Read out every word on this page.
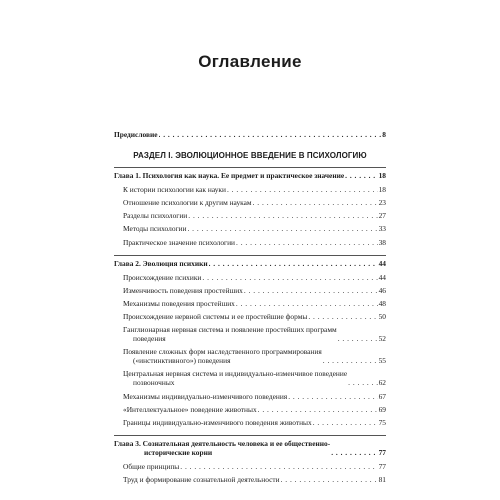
Оглавление
Предисловие . . .	8
РАЗДЕЛ I. ЭВОЛЮЦИОННОЕ ВВЕДЕНИЕ В ПСИХОЛОГИЮ
Глава 1. Психология как наука. Ее предмет и практическое значение . . .	18
К истории психологии как науки . . .	18
Отношение психологии к другим наукам . . .	23
Разделы психологии . . .	27
Методы психологии . . .	33
Практическое значение психологии . . .	38
Глава 2. Эволюция психики . . .	44
Происхождение психики . . .	44
Изменчивость поведения простейших . . .	46
Механизмы поведения простейших . . .	48
Происхождение нервной системы и ее простейшие формы . . .	50
Ганглионарная нервная система и появление простейших программ
поведения . . .	52
Появление сложных форм наследственного программирования
(«инстинктивного») поведения . . .	55
Центральная нервная система и индивидуально-изменчивое поведение
позвоночных . . .	62
Механизмы индивидуально-изменчивого поведения . . .	67
«Интеллектуальное» поведение животных . . .	69
Границы индивидуально-изменчивого поведения животных . . .	75
Глава 3. Сознательная деятельность человека и ее общественно-
исторические корни . . .	77
Общие принципы . . .	77
Труд и формирование сознательной деятельности . . .	81
